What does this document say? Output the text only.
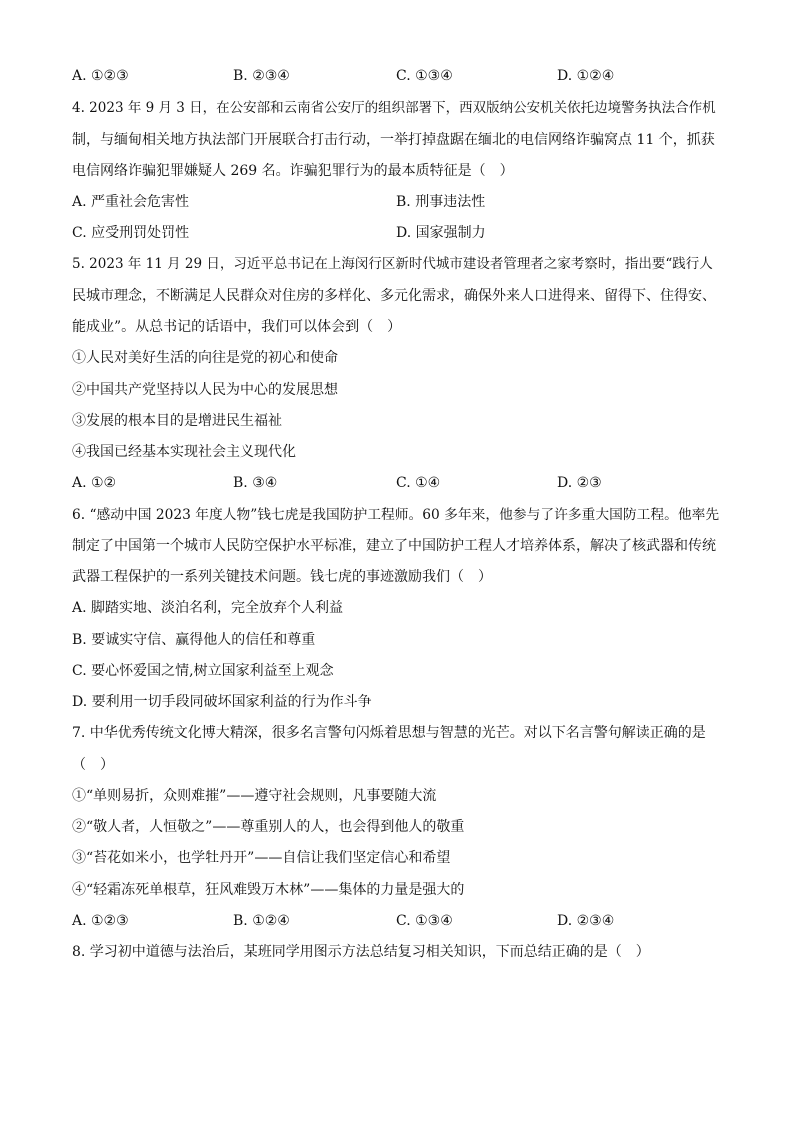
A. ①②③	B. ②③④	C. ①③④	D. ①②④
4. 2023 年 9 月 3 日，在公安部和云南省公安厅的组织部署下，西双版纳公安机关依托边境警务执法合作机
制，与缅甸相关地方执法部门开展联合打击行动，一举打掉盘踞在缅北的电信网络诈骗窝点 11 个，抓获
电信网络诈骗犯罪嫌疑人 269 名。诈骗犯罪行为的最本质特征是（　）
A. 严重社会危害性	B. 刑事违法性
C. 应受刑罚处罚性	D. 国家强制力
5. 2023 年 11 月 29 日，习近平总书记在上海闵行区新时代城市建设者管理者之家考察时，指出要“践行人
民城市理念，不断满足人民群众对住房的多样化、多元化需求，确保外来人口进得来、留得下、住得安、
能成业”。从总书记的话语中，我们可以体会到（　）
①人民对美好生活的向往是党的初心和使命
②中国共产党坚持以人民为中心的发展思想
③发展的根本目的是增进民生福祉
④我国已经基本实现社会主义现代化
A. ①②	B. ③④	C. ①④	D. ②③
6. “感动中国 2023 年度人物”钱七虎是我国防护工程师。60 多年来，他参与了许多重大国防工程。他率先
制定了中国第一个城市人民防空保护水平标准，建立了中国防护工程人才培养体系，解决了核武器和传统
武器工程保护的一系列关键技术问题。钱七虎的事迹激励我们（　）
A. 脚踏实地、淡泊名利，完全放弃个人利益
B. 要诚实守信、赢得他人的信任和尊重
C. 要心怀爱国之情,树立国家利益至上观念
D. 要利用一切手段同破坏国家利益的行为作斗争
7. 中华优秀传统文化博大精深，很多名言警句闪烁着思想与智慧的光芒。对以下名言警句解读正确的是
（　）
①“单则易折，众则难摧”——遵守社会规则，凡事要随大流
②“敬人者，人恒敬之”——尊重别人的人，也会得到他人的敬重
③“苔花如米小，也学牡丹开”——自信让我们坚定信心和希望
④“轻霜冻死单根草，狂风难毁万木林”——集体的力量是强大的
A. ①②③	B. ①②④	C. ①③④	D. ②③④
8. 学习初中道德与法治后，某班同学用图示方法总结复习相关知识，下而总结正确的是（　）
